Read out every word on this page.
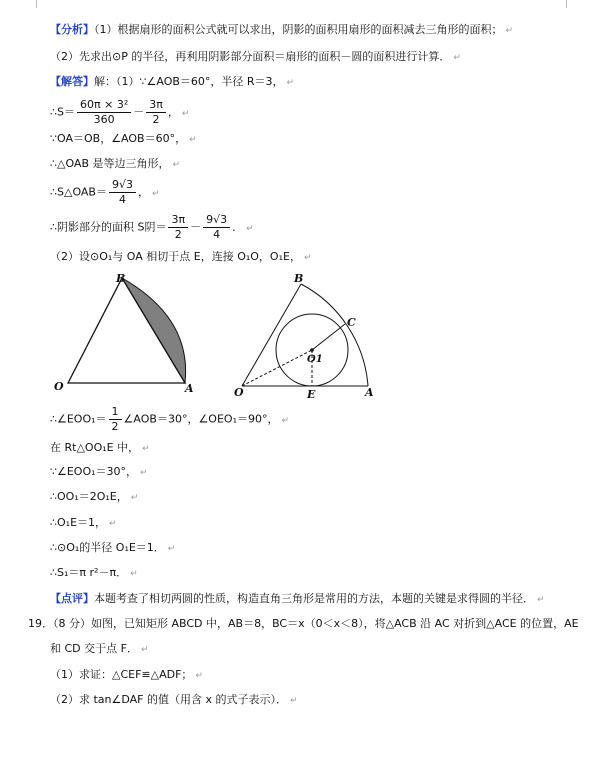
【分析】（1）根据扇形的面积公式就可以求出，阴影的面积用扇形的面积减去三角形的面积； ↵
（2）先求出⊙P 的半径，再利用阴影部分面积＝扇形的面积－圆的面积进行计算． ↵
【解答】解：（1）∵∠AOB＝60°，半径 R＝3， ↵
∴S＝ $\frac{\text{60π × 3²}}{360} - \frac{3\pi}{2}$ ， ↵
∵OA＝OB，∠AOB＝60°， ↵
∴△OAB 是等边三角形， ↵
∴S△OAB＝ $\frac{9√3}{4}$ ， ↵
∴阴影部分的面积 S阴＝ $\frac{3\pi}{2} - \frac{9√3}{4}$ ． ↵
（2）设⊙O₁与 OA 相切于点 E，连接 O₁O，O₁E， ↵
B
O	A
B
C
O1
O	E	A
∴∠EOO₁＝ $\frac{1}{2}$ ∠AOB＝30°，∠OEO₁＝90°， ↵
在 Rt△OO₁E 中， ↵
∵∠EOO₁＝30°， ↵
∴OO₁＝2O₁E， ↵
∴O₁E＝1， ↵
∴⊙O₁的半径 O₁E＝1． ↵
∴S₁＝π r²－π． ↵
【点评】本题考查了相切两圆的性质，构造直角三角形是常用的方法，本题的关键是求得圆的半径． ↵
19．（8 分）如图，已知矩形 ABCD 中，AB＝8，BC＝x（0＜x＜8），将△ACB 沿 AC 对折到△ACE 的位置，AE
和 CD 交于点 F． ↵
（1）求证：△CEF≌△ADF； ↵
（2）求 tan∠DAF 的值（用含 x 的式子表示）． ↵
